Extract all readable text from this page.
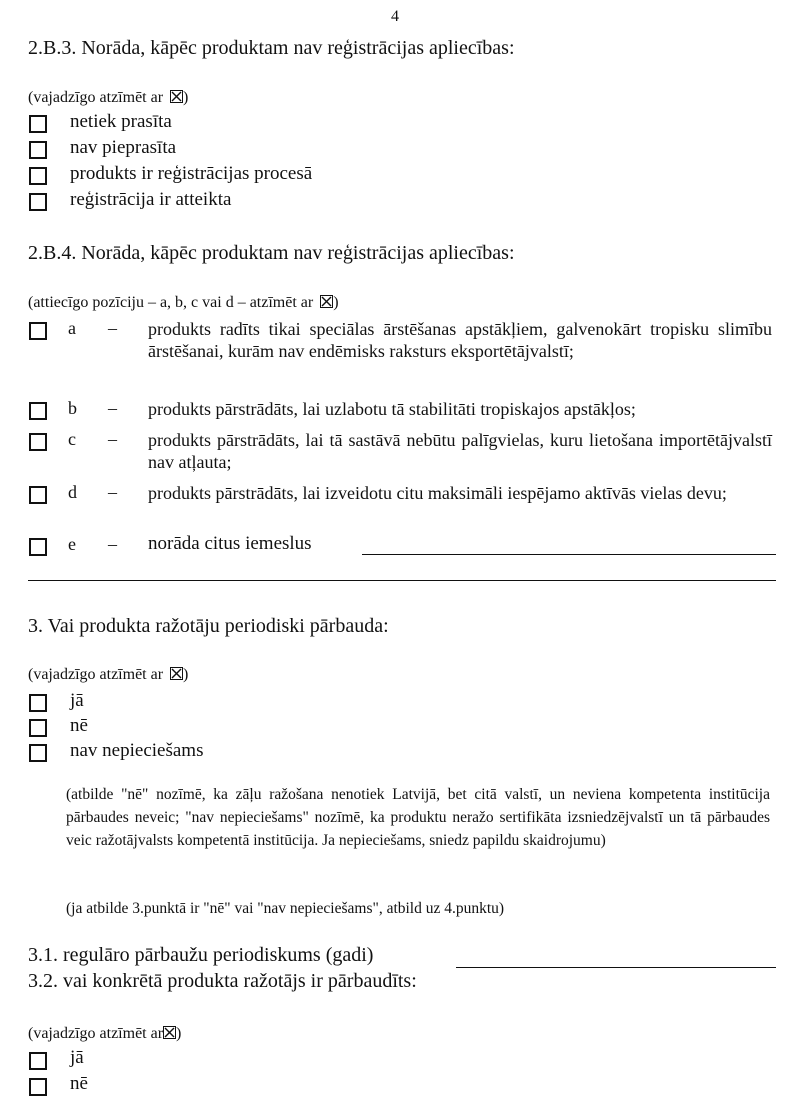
4
2.B.3. Norāda, kāpēc produktam nav reģistrācijas apliecības:
(vajadzīgo atzīmēt ar )
netiek prasīta
nav pieprasīta
produkts ir reģistrācijas procesā
reģistrācija ir atteikta
2.B.4. Norāda, kāpēc produktam nav reģistrācijas apliecības:
(attiecīgo pozīciju – a, b, c vai d – atzīmēt ar )
a – produkts radīts tikai speciālas ārstēšanas apstākļiem, galvenokārt tropisku slimību ārstēšanai, kurām nav endēmisks raksturs eksportētājvalstī;
b – produkts pārstrādāts, lai uzlabotu tā stabilitāti tropiskajos apstākļos;
c – produkts pārstrādāts, lai tā sastāvā nebūtu palīgvielas, kuru lietošana importētājvalstī nav atļauta;
d – produkts pārstrādāts, lai izveidotu citu maksimāli iespējamo aktīvās vielas devu;
e – norāda citus iemeslus
3. Vai produkta ražotāju periodiski pārbauda:
(vajadzīgo atzīmēt ar )
jā
nē
nav nepieciešams
(atbilde "nē" nozīmē, ka zāļu ražošana nenotiek Latvijā, bet citā valstī, un neviena kompetenta institūcija pārbaudes neveic; "nav nepieciešams" nozīmē, ka produktu neražo sertifikāta izsniedzējvalstī un tā pārbaudes veic ražotājvalsts kompetentā institūcija. Ja nepieciešams, sniedz papildu skaidrojumu)
(ja atbilde 3.punktā ir "nē" vai "nav nepieciešams", atbild uz 4.punktu)
3.1. regulāro pārbaužu periodiskums (gadi)
3.2. vai konkrētā produkta ražotājs ir pārbaudīts:
(vajadzīgo atzīmēt ar )
jā
nē
